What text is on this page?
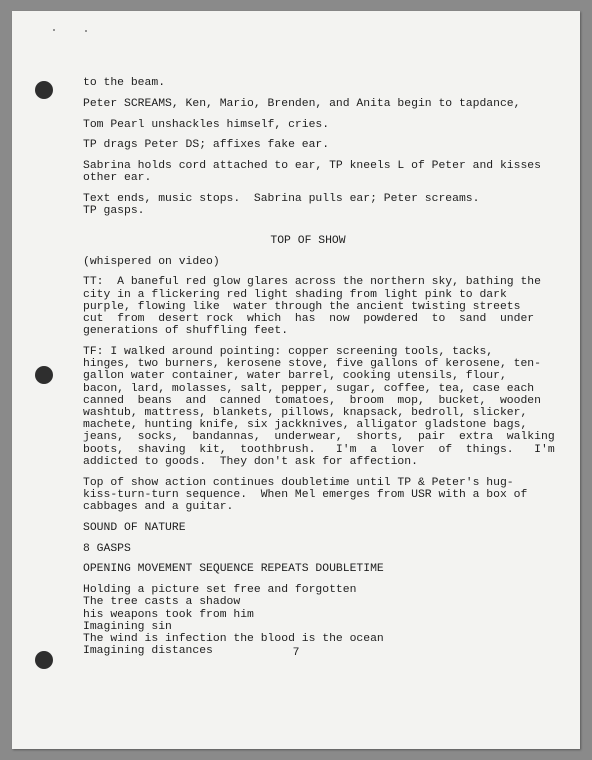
to the beam.

Peter SCREAMS, Ken, Mario, Brenden, and Anita begin to tapdance,

Tom Pearl unshackles himself, cries.

TP drags Peter DS; affixes fake ear.

Sabrina holds cord attached to ear, TP kneels L of Peter and kisses

other ear.

Text ends, music stops.  Sabrina pulls ear; Peter screams.

TP gasps.

TOP OF SHOW

(whispered on video)

TT:  A baneful red glow glares across the northern sky, bathing the

city in a flickering red light shading from light pink to dark

purple, flowing like  water through the ancient twisting streets

cut  from  desert rock  which  has  now  powdered  to  sand  under

generations of shuffling feet.

TF: I walked around pointing: copper screening tools, tacks,

hinges, two burners, kerosene stove, five gallons of kerosene, ten-

gallon water container, water barrel, cooking utensils, flour,

bacon, lard, molasses, salt, pepper, sugar, coffee, tea, case each

canned  beans  and  canned  tomatoes,  broom  mop,  bucket,  wooden

washtub, mattress, blankets, pillows, knapsack, bedroll, slicker,

machete, hunting knife, six jackknives, alligator gladstone bags,

jeans,  socks,  bandannas,  underwear,  shorts,  pair  extra  walking

boots,  shaving  kit,  toothbrush.   I'm  a  lover  of  things.   I'm

addicted to goods.  They don't ask for affection.

Top of show action continues doubletime until TP & Peter's hug-

kiss-turn-turn sequence.  When Mel emerges from USR with a box of

cabbages and a guitar.

SOUND OF NATURE

8 GASPS

OPENING MOVEMENT SEQUENCE REPEATS DOUBLETIME

Holding a picture set free and forgotten

The tree casts a shadow

his weapons took from him

Imagining sin

The wind is infection the blood is the ocean

Imagining distances	7
